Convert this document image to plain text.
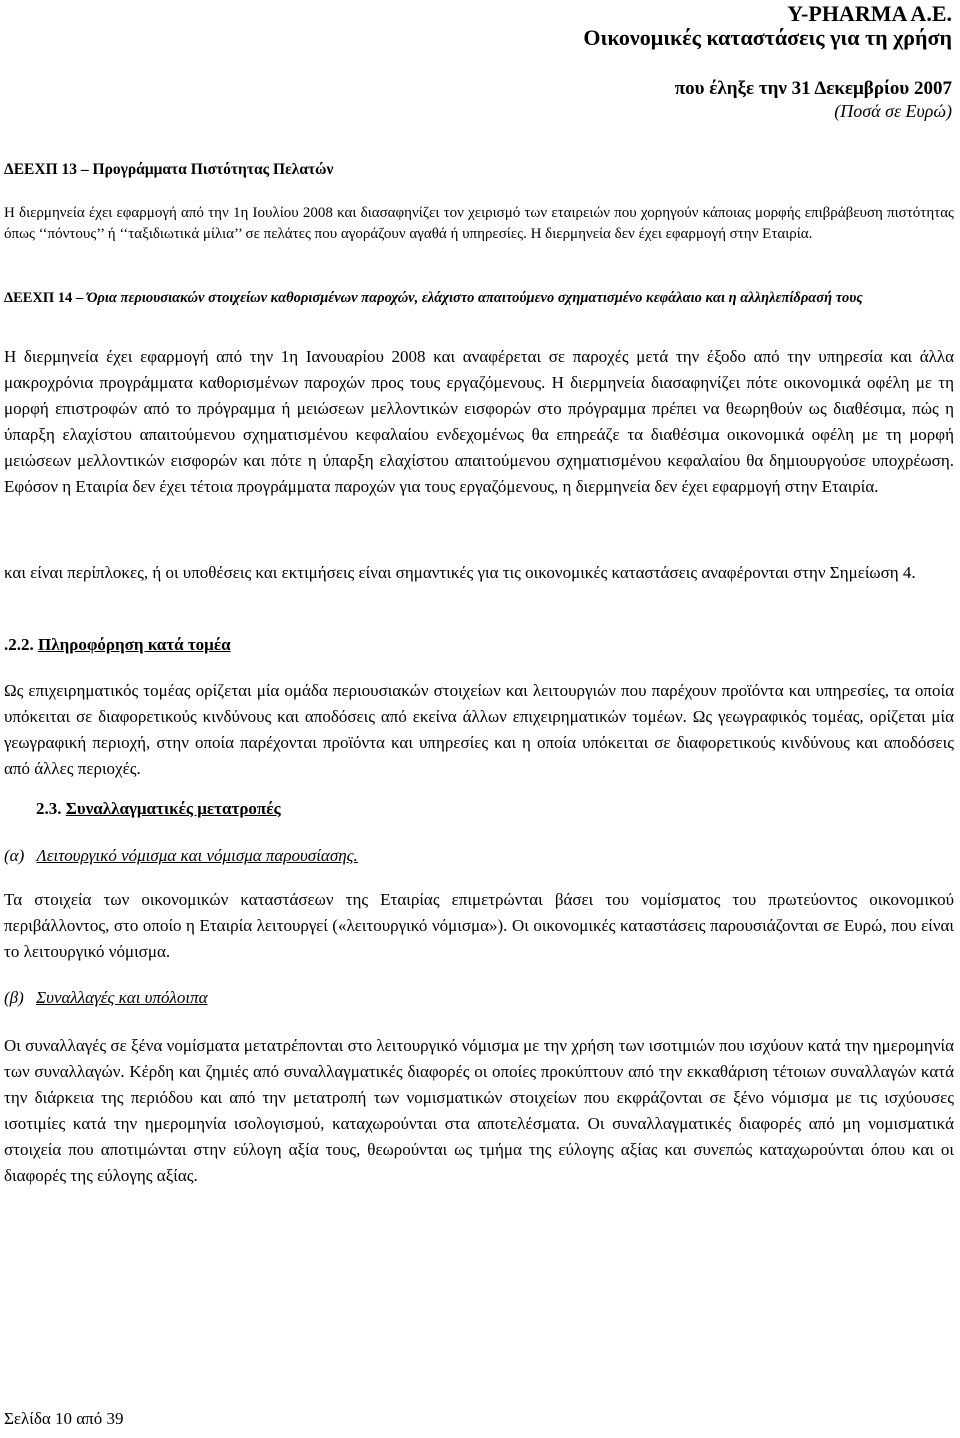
Y-PHARMA A.E.
Οικονομικές καταστάσεις για τη χρήση
που έληξε την 31 Δεκεμβρίου 2007
(Ποσά σε Ευρώ)
ΔΕΕΧΠ 13 – Προγράμματα Πιστότητας Πελατών
Η διερμηνεία έχει εφαρμογή από την 1η Ιουλίου 2008 και διασαφηνίζει τον χειρισμό των εταιρειών που χορηγούν κάποιας μορφής επιβράβευση πιστότητας όπως ‘‘πόντους’’ ή ‘‘ταξιδιωτικά μίλια’’ σε πελάτες που αγοράζουν αγαθά ή υπηρεσίες. Η διερμηνεία δεν έχει εφαρμογή στην Εταιρία.
ΔΕΕΧΠ 14 – Όρια περιουσιακών στοιχείων καθορισμένων παροχών, ελάχιστο απαιτούμενο σχηματισμένο κεφάλαιο και η αλληλεπίδρασή τους
Η διερμηνεία έχει εφαρμογή από την 1η Ιανουαρίου 2008 και αναφέρεται σε παροχές μετά την έξοδο από την υπηρεσία και άλλα μακροχρόνια προγράμματα καθορισμένων παροχών προς τους εργαζόμενους. Η διερμηνεία διασαφηνίζει πότε οικονομικά οφέλη με τη μορφή επιστροφών από το πρόγραμμα ή μειώσεων μελλοντικών εισφορών στο πρόγραμμα πρέπει να θεωρηθούν ως διαθέσιμα, πώς η ύπαρξη ελαχίστου απαιτούμενου σχηματισμένου κεφαλαίου ενδεχομένως θα επηρεάζε τα διαθέσιμα οικονομικά οφέλη με τη μορφή μειώσεων μελλοντικών εισφορών και πότε η ύπαρξη ελαχίστου απαιτούμενου σχηματισμένου κεφαλαίου θα δημιουργούσε υποχρέωση. Εφόσον η Εταιρία δεν έχει τέτοια προγράμματα παροχών για τους εργαζόμενους, η διερμηνεία δεν έχει εφαρμογή στην Εταιρία.
και είναι περίπλοκες, ή οι υποθέσεις και εκτιμήσεις είναι σημαντικές για τις οικονομικές καταστάσεις αναφέρονται στην Σημείωση 4.
.2.2. Πληροφόρηση κατά τομέα
Ως επιχειρηματικός τομέας ορίζεται μία ομάδα περιουσιακών στοιχείων και λειτουργιών που παρέχουν προϊόντα και υπηρεσίες, τα οποία υπόκειται σε διαφορετικούς κινδύνους και αποδόσεις από εκείνα άλλων επιχειρηματικών τομέων. Ως γεωγραφικός τομέας, ορίζεται μία γεωγραφική περιοχή, στην οποία παρέχονται προϊόντα και υπηρεσίες και η οποία υπόκειται σε διαφορετικούς κινδύνους και αποδόσεις από άλλες περιοχές.
2.3. Συναλλαγματικές μετατροπές
(α) Λειτουργικό νόμισμα και νόμισμα παρουσίασης.
Τα στοιχεία των οικονομικών καταστάσεων της Εταιρίας επιμετρώνται βάσει του νομίσματος του πρωτεύοντος οικονομικού περιβάλλοντος, στο οποίο η Εταιρία λειτουργεί («λειτουργικό νόμισμα»). Οι οικονομικές καταστάσεις παρουσιάζονται σε Ευρώ, που είναι το λειτουργικό νόμισμα.
(β) Συναλλαγές και υπόλοιπα
Οι συναλλαγές σε ξένα νομίσματα μετατρέπονται στο λειτουργικό νόμισμα με την χρήση των ισοτιμιών που ισχύουν κατά την ημερομηνία των συναλλαγών. Κέρδη και ζημιές από συναλλαγματικές διαφορές οι οποίες προκύπτουν από την εκκαθάριση τέτοιων συναλλαγών κατά την διάρκεια της περιόδου και από την μετατροπή των νομισματικών στοιχείων που εκφράζονται σε ξένο νόμισμα με τις ισχύουσες ισοτιμίες κατά την ημερομηνία ισολογισμού, καταχωρούνται στα αποτελέσματα. Οι συναλλαγματικές διαφορές από μη νομισματικά στοιχεία που αποτιμώνται στην εύλογη αξία τους, θεωρούνται ως τμήμα της εύλογης αξίας και συνεπώς καταχωρούνται όπου και οι διαφορές της εύλογης αξίας.
Σελίδα 10 από 39
